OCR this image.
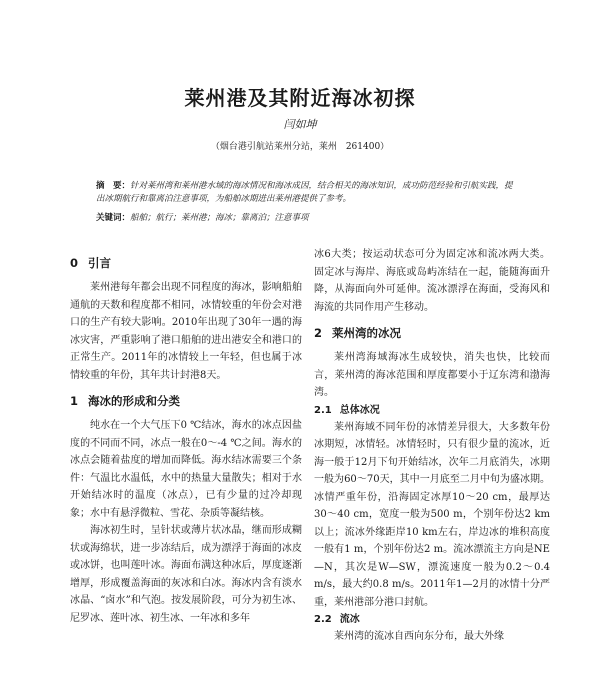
莱州港及其附近海冰初探
闫如坤
（烟台港引航站莱州分站，莱州　261400）
摘　要：针对莱州湾和莱州港水域的海冰情况和海冰成因，结合相关的海冰知识，成功防范经验和引航实践，提出冰期航行和靠离泊注意事项，为船舶冰期进出莱州港提供了参考。
关键词：船舶；航行；莱州港；海冰；靠离泊；注意事项
0 引言

莱州港每年都会出现不同程度的海冰，影响船舶通航的天数和程度都不相同，冰情较重的年份会对港口的生产有较大影响。2010年出现了30年一遇的海冰灾害，严重影响了港口船舶的进出港安全和港口的正常生产。2011年的冰情较上一年轻，但也属于冰情较重的年份，其年共计封港8天。

1 海冰的形成和分类

纯水在一个大气压下0 ℃结冰，海水的冰点因盐度的不同而不同，冰点一般在0～-4 ℃之间。海水的冰点会随着盐度的增加而降低。海水结冰需要三个条件：气温比水温低，水中的热量大量散失；相对于水开始结冰时的温度（冰点），已有少量的过冷却现象；水中有悬浮微粒、雪花、杂质等凝结核。

海冰初生时，呈针状或薄片状冰晶，继而形成糊状或海绵状，进一步冻结后，成为漂浮于海面的冰皮或冰饼，也叫莲叶冰。海面布满这种冰后，厚度逐渐增厚，形成覆盖海面的灰冰和白冰。海冰内含有淡水冰晶、“卤水”和气泡。按发展阶段，可分为初生冰、尼罗冰、莲叶冰、初生冰、一年冰和多年

冰6大类；按运动状态可分为固定冰和流冰两大类。固定冰与海岸、海底或岛屿冻结在一起，能随海面升降，从海面向外可延伸。流冰漂浮在海面，受海风和海流的共同作用产生移动。

2 莱州湾的冰况

莱州湾海域海冰生成较快，消失也快，比较而言，莱州湾的海冰范围和厚度都要小于辽东湾和渤海湾。

2.1 总体冰况

莱州海域不同年份的冰情差异很大，大多数年份冰期短，冰情轻。冰情轻时，只有很少量的流冰，近海一般于12月下旬开始结冰，次年二月底消失，冰期一般为60～70天，其中一月底至二月中旬为盛冰期。冰情严重年份，沿海固定冰厚10～20 cm，最厚达30～40 cm，宽度一般为500 m，个别年份达2 km以上；流冰外缘距岸10 km左右，岸边冰的堆积高度一般有1 m，个别年份达2 m。流冰漂流主方向是NE—N，其次是W—SW，漂流速度一般为0.2～0.4 m/s，最大约0.8 m/s。2011年1—2月的冰情十分严重，莱州港部分港口封航。

2.2 流冰

莱州湾的流冰自西向东分布，最大外缘
